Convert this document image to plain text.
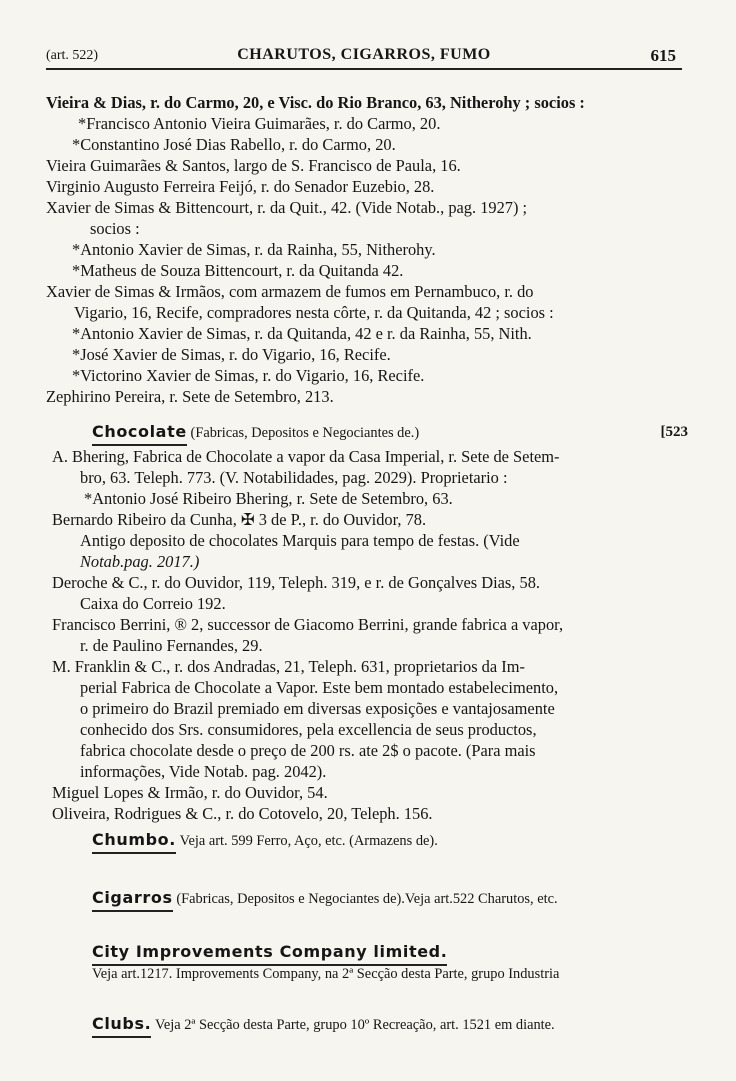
(art. 522)	CHARUTOS, CIGARROS, FUMO	615
Vieira & Dias, r. do Carmo, 20, e Visc. do Rio Branco, 63, Nitherohy ; socios :
*Francisco Antonio Vieira Guimarães, r. do Carmo, 20.
*Constantino José Dias Rabello, r. do Carmo, 20.
Vieira Guimarães & Santos, largo de S. Francisco de Paula, 16.
Virginio Augusto Ferreira Feijó, r. do Senador Euzebio, 28.
Xavier de Simas & Bittencourt, r. da Quit., 42. (Vide Notab., pag. 1927) ;
socios :
*Antonio Xavier de Simas, r. da Rainha, 55, Nitherohy.
*Matheus de Souza Bittencourt, r. da Quitanda 42.
Xavier de Simas & Irmãos, com armazem de fumos em Pernambuco, r. do
Vigario, 16, Recife, compradores nesta côrte, r. da Quitanda, 42 ; socios :
*Antonio Xavier de Simas, r. da Quitanda, 42 e r. da Rainha, 55, Nith.
*José Xavier de Simas, r. do Vigario, 16, Recife.
*Victorino Xavier de Simas, r. do Vigario, 16, Recife.
Zephirino Pereira, r. Sete de Setembro, 213.
Chocolate (Fabricas, Depositos e Negociantes de.)	[523
A. Bhering, Fabrica de Chocolate a vapor da Casa Imperial, r. Sete de Setem-
bro, 63. Teleph. 773. (V. Notabilidades, pag. 2029). Proprietario :
*Antonio José Ribeiro Bhering, r. Sete de Setembro, 63.
Bernardo Ribeiro da Cunha, ✠ 3 de P., r. do Ouvidor, 78.
Antigo deposito de chocolates Marquis para tempo de festas. (Vide
Notab.pag. 2017.)
Deroche & C., r. do Ouvidor, 119, Teleph. 319, e r. de Gonçalves Dias, 58.
Caixa do Correio 192.
Francisco Berrini, ® 2, successor de Giacomo Berrini, grande fabrica a vapor,
r. de Paulino Fernandes, 29.
M. Franklin & C., r. dos Andradas, 21, Teleph. 631, proprietarios da Im-
perial Fabrica de Chocolate a Vapor. Este bem montado estabelecimento,
o primeiro do Brazil premiado em diversas exposições e vantajosamente
conhecido dos Srs. consumidores, pela excellencia de seus productos,
fabrica chocolate desde o preço de 200 rs. ate 2$ o pacote. (Para mais
informações, Vide Notab. pag. 2042).
Miguel Lopes & Irmão, r. do Ouvidor, 54.
Oliveira, Rodrigues & C., r. do Cotovelo, 20, Teleph. 156.
Chumbo. Veja art. 599 Ferro, Aço, etc. (Armazens de).
Cigarros (Fabricas, Depositos e Negociantes de).Veja art.522 Charutos, etc.
City Improvements Company limited.
Veja art.1217. Improvements Company, na 2ª Secção desta Parte, grupo Industria
Clubs. Veja 2ª Secção desta Parte, grupo 10º Recreação, art. 1521 em diante.
